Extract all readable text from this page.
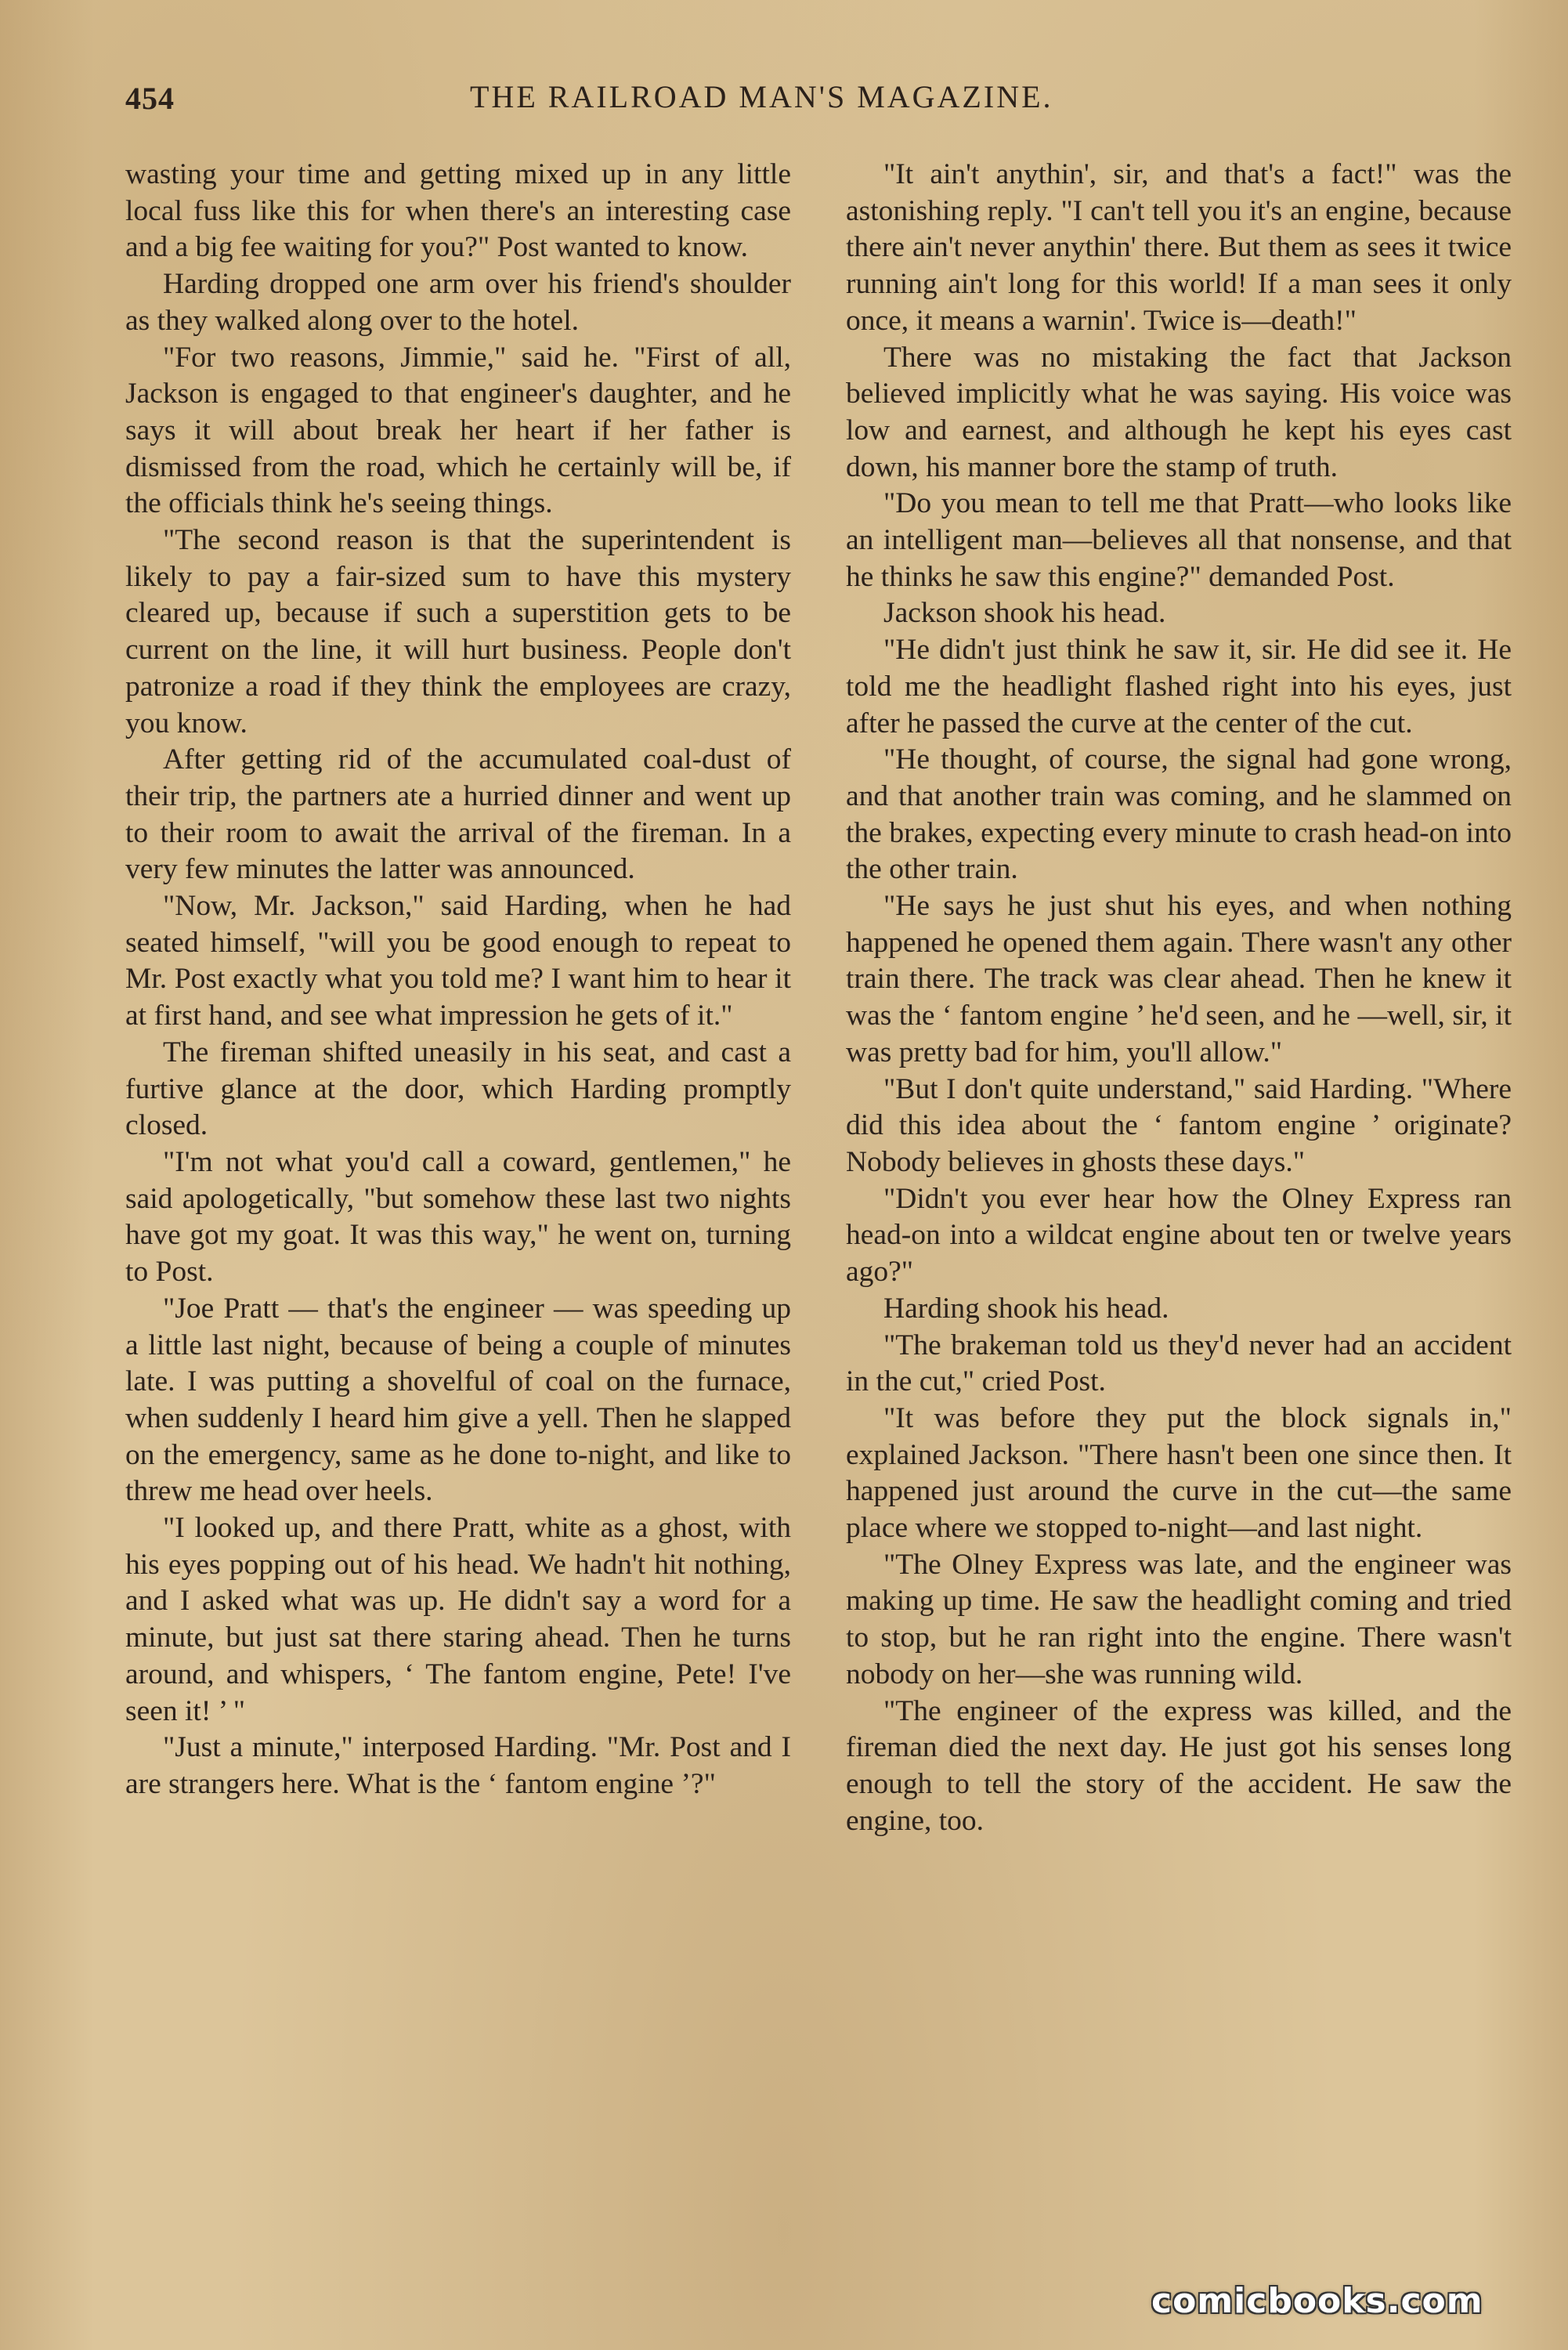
454	THE RAILROAD MAN'S MAGAZINE.

wasting your time and getting mixed up in any little local fuss like this for when there's an interesting case and a big fee waiting for you?" Post wanted to know.

Harding dropped one arm over his friend's shoulder as they walked along over to the hotel.

"For two reasons, Jimmie," said he. "First of all, Jackson is engaged to that engineer's daughter, and he says it will about break her heart if her father is dismissed from the road, which he certainly will be, if the officials think he's seeing things.

"The second reason is that the superintendent is likely to pay a fair-sized sum to have this mystery cleared up, because if such a superstition gets to be current on the line, it will hurt business. People don't patronize a road if they think the employees are crazy, you know.

After getting rid of the accumulated coal-dust of their trip, the partners ate a hurried dinner and went up to their room to await the arrival of the fireman. In a very few minutes the latter was announced.

"Now, Mr. Jackson," said Harding, when he had seated himself, "will you be good enough to repeat to Mr. Post exactly what you told me? I want him to hear it at first hand, and see what impression he gets of it."

The fireman shifted uneasily in his seat, and cast a furtive glance at the door, which Harding promptly closed.

"I'm not what you'd call a coward, gentlemen," he said apologetically, "but somehow these last two nights have got my goat. It was this way," he went on, turning to Post.

"Joe Pratt — that's the engineer — was speeding up a little last night, because of being a couple of minutes late. I was putting a shovelful of coal on the furnace, when suddenly I heard him give a yell. Then he slapped on the emergency, same as he done to-night, and like to threw me head over heels.

"I looked up, and there Pratt, white as a ghost, with his eyes popping out of his head. We hadn't hit nothing, and I asked what was up. He didn't say a word for a minute, but just sat there staring ahead. Then he turns around, and whispers, ‘ The fantom engine, Pete! I've seen it! ’ "

"Just a minute," interposed Harding. "Mr. Post and I are strangers here. What is the ‘ fantom engine ’?"

"It ain't anythin', sir, and that's a fact!" was the astonishing reply. "I can't tell you it's an engine, because there ain't never anythin' there. But them as sees it twice running ain't long for this world! If a man sees it only once, it means a warnin'. Twice is—death!"

There was no mistaking the fact that Jackson believed implicitly what he was saying. His voice was low and earnest, and although he kept his eyes cast down, his manner bore the stamp of truth.

"Do you mean to tell me that Pratt—who looks like an intelligent man—believes all that nonsense, and that he thinks he saw this engine?" demanded Post.

Jackson shook his head.

"He didn't just think he saw it, sir. He did see it. He told me the headlight flashed right into his eyes, just after he passed the curve at the center of the cut.

"He thought, of course, the signal had gone wrong, and that another train was coming, and he slammed on the brakes, expecting every minute to crash head-on into the other train.

"He says he just shut his eyes, and when nothing happened he opened them again. There wasn't any other train there. The track was clear ahead. Then he knew it was the ‘ fantom engine ’ he'd seen, and he —well, sir, it was pretty bad for him, you'll allow."

"But I don't quite understand," said Harding. "Where did this idea about the ‘ fantom engine ’ originate? Nobody believes in ghosts these days."

"Didn't you ever hear how the Olney Express ran head-on into a wildcat engine about ten or twelve years ago?"

Harding shook his head.

"The brakeman told us they'd never had an accident in the cut," cried Post.

"It was before they put the block signals in," explained Jackson. "There hasn't been one since then. It happened just around the curve in the cut—the same place where we stopped to-night—and last night.

"The Olney Express was late, and the engineer was making up time. He saw the headlight coming and tried to stop, but he ran right into the engine. There wasn't nobody on her—she was running wild.

"The engineer of the express was killed, and the fireman died the next day. He just got his senses long enough to tell the story of the accident. He saw the engine, too.

comicbooks.com
